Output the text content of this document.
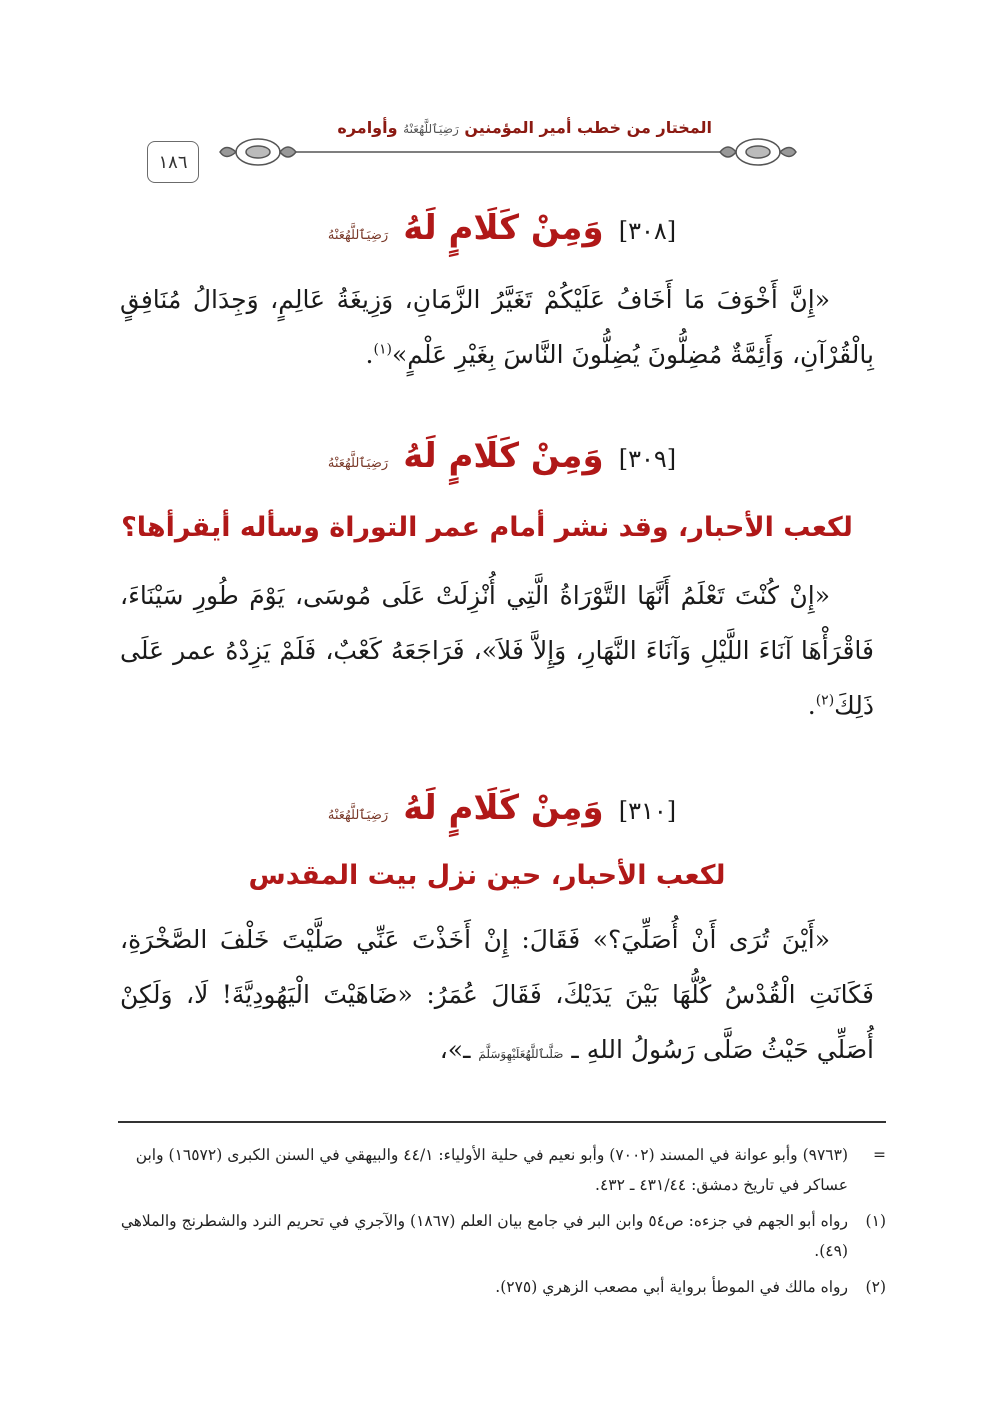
١٨٦
المختار من خطب أمير المؤمنين رَضِيَٱللَّهُعَنْهُ وأوامره
[٣٠٨] وَمِنْ كَلَامٍ لَهُ رَضِيَٱللَّهُعَنْهُ

«إِنَّ أَخْوَفَ مَا أَخَافُ عَلَيْكُمْ تَغَيَّرُ الزَّمَانِ، وَزِيغَةُ عَالِمٍ، وَجِدَالُ مُنَافِقٍ بِالْقُرْآنِ، وَأَئِمَّةٌ مُضِلُّونَ يُضِلُّونَ النَّاسَ بِغَيْرِ عَلْمٍ»$^{(١)}$.

[٣٠٩] وَمِنْ كَلَامٍ لَهُ رَضِيَٱللَّهُعَنْهُ
لكعب الأحبار، وقد نشر أمام عمر التوراة وسأله أيقرأها؟

«إِنْ كُنْتَ تَعْلَمُ أَنَّهَا التَّوْرَاةُ الَّتِي أُنْزِلَتْ عَلَى مُوسَى، يَوْمَ طُورِ سَيْنَاءَ، فَاقْرَأْهَا آنَاءَ اللَّيْلِ وَآنَاءَ النَّهَارِ، وَإِلاَّ فَلاَ»، فَرَاجَعَهُ كَعْبٌ، فَلَمْ يَزِدْهُ عمر عَلَى ذَلِكَ$^{(٢)}$.

[٣١٠] وَمِنْ كَلَامٍ لَهُ رَضِيَٱللَّهُعَنْهُ
لكعب الأحبار، حين نزل بيت المقدس

«أَيْنَ تُرَى أَنْ أُصَلِّيَ؟» فَقَالَ: إِنْ أَخَذْتَ عَنِّي صَلَّيْتَ خَلْفَ الصَّخْرَةِ، فَكَانَتِ الْقُدْسُ كُلُّهَا بَيْنَ يَدَيْكَ، فَقَالَ عُمَرُ: «ضَاهَيْتَ الْيَهُودِيَّةَ! لَا، وَلَكِنْ أُصَلِّي حَيْثُ صَلَّى رَسُولُ اللهِ ـ صَلَّىٱللَّهُعَلَيْهِوَسَلَّمَ ـ»،

=
(٩٧٦٣) وأبو عوانة في المسند (٧٠٠٢) وأبو نعيم في حلية الأولياء: ٤٤/١ والبيهقي في السنن الكبرى (١٦٥٧٢) وابن عساكر في تاريخ دمشق: ٤٣١/٤٤ ـ ٤٣٢.
(١)
رواه أبو الجهم في جزءه: ص٥٤ وابن البر في جامع بيان العلم (١٨٦٧) والآجري في تحريم النرد والشطرنج والملاهي (٤٩).
(٢)
رواه مالك في الموطأ برواية أبي مصعب الزهري (٢٧٥).
